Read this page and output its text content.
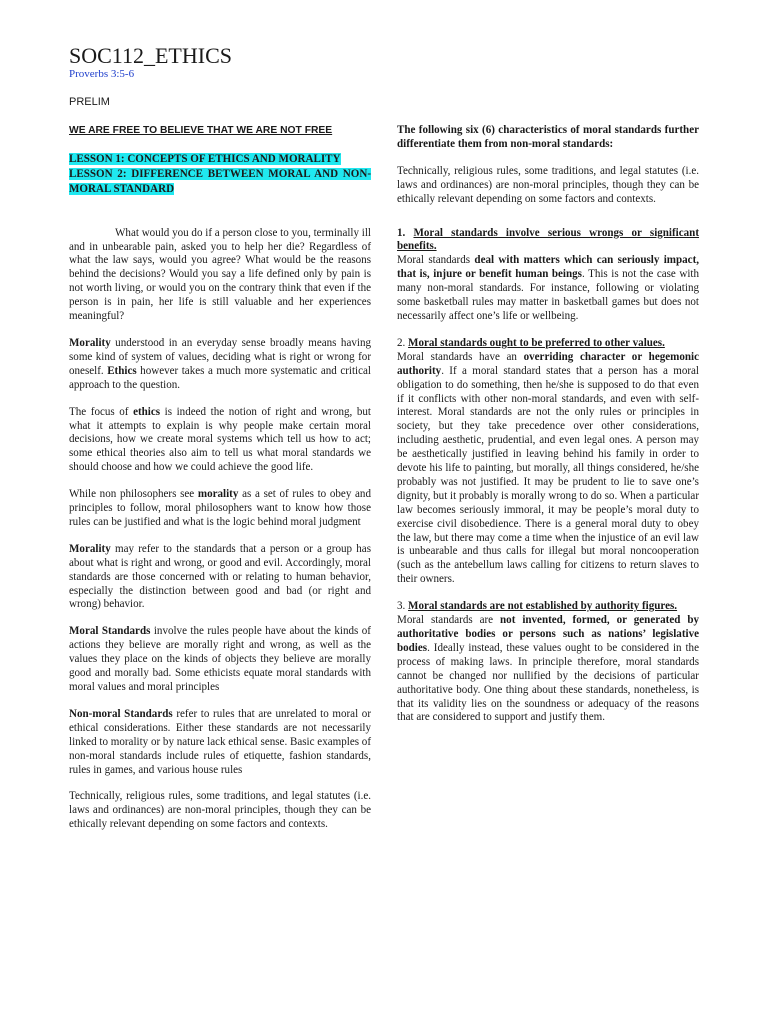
SOC112_ETHICS
Proverbs 3:5-6
PRELIM

WE ARE FREE TO BELIEVE THAT WE ARE NOT FREE

LESSON 1: CONCEPTS OF ETHICS AND MORALITY
LESSON 2: DIFFERENCE BETWEEN MORAL AND NON-MORAL STANDARD

What would you do if a person close to you, terminally ill and in unbearable pain, asked you to help her die? Regardless of what the law says, would you agree? What would be the reasons behind the decisions? Would you say a life defined only by pain is not worth living, or would you on the contrary think that even if the person is in pain, her life is still valuable and her experiences meaningful?

Morality understood in an everyday sense broadly means having some kind of system of values, deciding what is right or wrong for oneself. Ethics however takes a much more systematic and critical approach to the question.

The focus of ethics is indeed the notion of right and wrong, but what it attempts to explain is why people make certain moral decisions, how we create moral systems which tell us how to act; some ethical theories also aim to tell us what moral standards we should choose and how we could achieve the good life.

While non philosophers see morality as a set of rules to obey and principles to follow, moral philosophers want to know how those rules can be justified and what is the logic behind moral judgment

Morality may refer to the standards that a person or a group has about what is right and wrong, or good and evil. Accordingly, moral standards are those concerned with or relating to human behavior, especially the distinction between good and bad (or right and wrong) behavior.

Moral Standards involve the rules people have about the kinds of actions they believe are morally right and wrong, as well as the values they place on the kinds of objects they believe are morally good and morally bad. Some ethicists equate moral standards with moral values and moral principles

Non-moral Standards refer to rules that are unrelated to moral or ethical considerations. Either these standards are not necessarily linked to morality or by nature lack ethical sense. Basic examples of non-moral standards include rules of etiquette, fashion standards, rules in games, and various house rules

Technically, religious rules, some traditions, and legal statutes (i.e. laws and ordinances) are non-moral principles, though they can be ethically relevant depending on some factors and contexts.

The following six (6) characteristics of moral standards further differentiate them from non-moral standards:

Technically, religious rules, some traditions, and legal statutes (i.e. laws and ordinances) are non-moral principles, though they can be ethically relevant depending on some factors and contexts.

1. Moral standards involve serious wrongs or significant benefits.
Moral standards deal with matters which can seriously impact, that is, injure or benefit human beings. This is not the case with many non-moral standards. For instance, following or violating some basketball rules may matter in basketball games but does not necessarily affect one’s life or wellbeing.

2. Moral standards ought to be preferred to other values.
Moral standards have an overriding character or hegemonic authority. If a moral standard states that a person has a moral obligation to do something, then he/she is supposed to do that even if it conflicts with other non-moral standards, and even with self-interest. Moral standards are not the only rules or principles in society, but they take precedence over other considerations, including aesthetic, prudential, and even legal ones. A person may be aesthetically justified in leaving behind his family in order to devote his life to painting, but morally, all things considered, he/she probably was not justified. It may be prudent to lie to save one’s dignity, but it probably is morally wrong to do so. When a particular law becomes seriously immoral, it may be people’s moral duty to exercise civil disobedience. There is a general moral duty to obey the law, but there may come a time when the injustice of an evil law is unbearable and thus calls for illegal but moral noncooperation (such as the antebellum laws calling for citizens to return slaves to their owners.

3. Moral standards are not established by authority figures.
Moral standards are not invented, formed, or generated by authoritative bodies or persons such as nations’ legislative bodies. Ideally instead, these values ought to be considered in the process of making laws. In principle therefore, moral standards cannot be changed nor nullified by the decisions of particular authoritative body. One thing about these standards, nonetheless, is that its validity lies on the soundness or adequacy of the reasons that are considered to support and justify them.
